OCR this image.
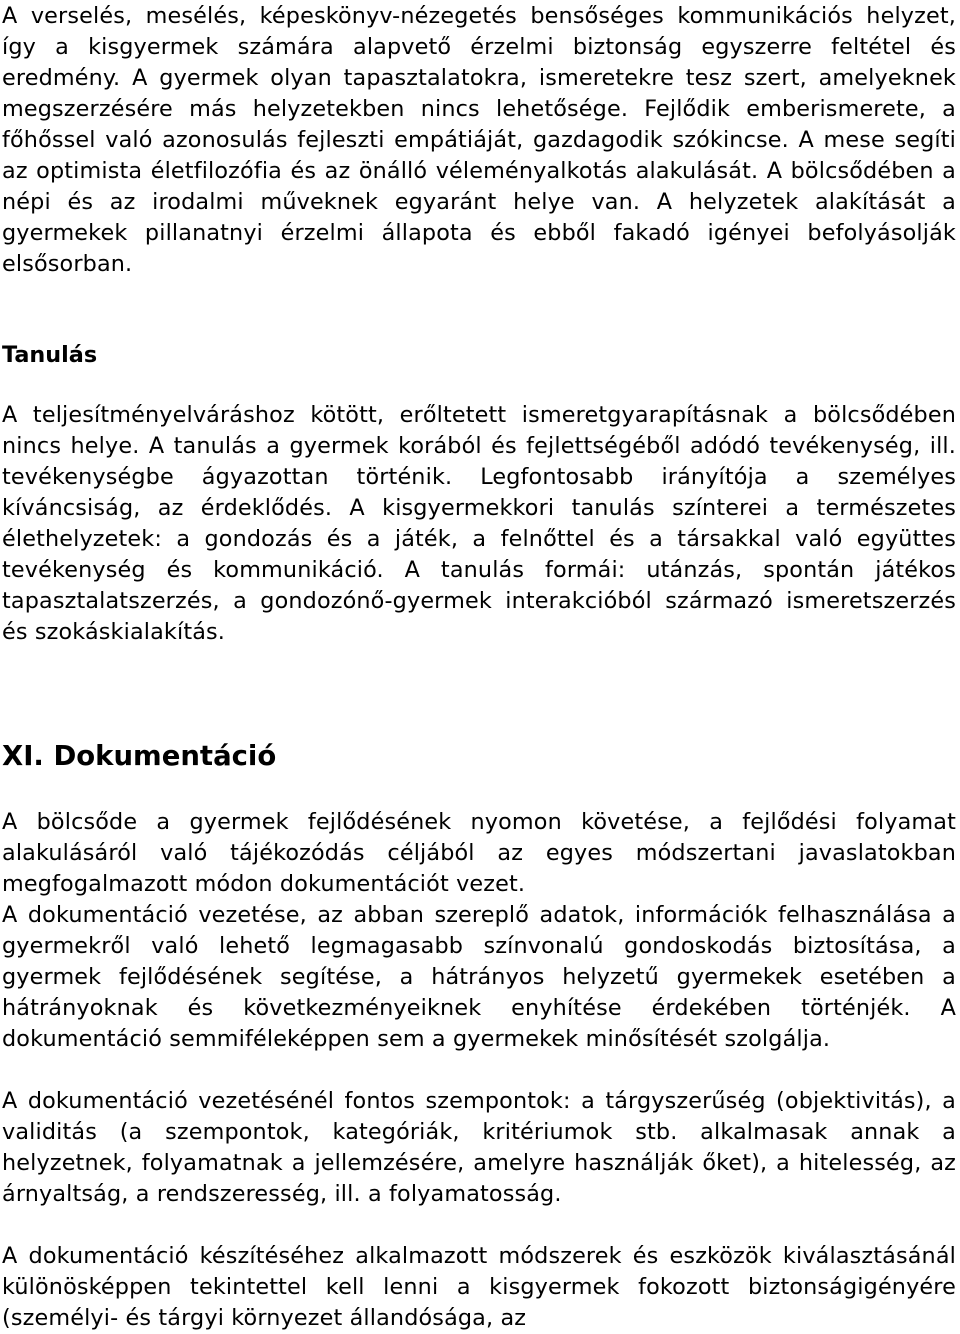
A verselés, mesélés, képeskönyv-nézegetés bensőséges kommunikációs helyzet, így a kisgyermek számára alapvető érzelmi biztonság egyszerre feltétel és eredmény. A gyermek olyan tapasztalatokra, ismeretekre tesz szert, amelyeknek megszerzésére más helyzetekben nincs lehetősége. Fejlődik emberismerete, a főhőssel való azonosulás fejleszti empátiáját, gazdagodik szókincse. A mese segíti az optimista életfilozófia és az önálló véleményalkotás alakulását. A bölcsődében a népi és az irodalmi műveknek egyaránt helye van. A helyzetek alakítását a gyermekek pillanatnyi érzelmi állapota és ebből fakadó igényei befolyásolják elsősorban.

Tanulás

A teljesítményelváráshoz kötött, erőltetett ismeretgyarapításnak a bölcsődében nincs helye. A tanulás a gyermek korából és fejlettségéből adódó tevékenység, ill. tevékenységbe ágyazottan történik. Legfontosabb irányítója a személyes kíváncsiság, az érdeklődés. A kisgyermekkori tanulás színterei a természetes élethelyzetek: a gondozás és a játék, a felnőttel és a társakkal való együttes tevékenység és kommunikáció. A tanulás formái: utánzás, spontán játékos tapasztalatszerzés, a gondozónő-gyermek interakcióból származó ismeretszerzés és szokáskialakítás.

XI. Dokumentáció

A bölcsőde a gyermek fejlődésének nyomon követése, a fejlődési folyamat alakulásáról való tájékozódás céljából az egyes módszertani javaslatokban megfogalmazott módon dokumentációt vezet.

A dokumentáció vezetése, az abban szereplő adatok, információk felhasználása a gyermekről való lehető legmagasabb színvonalú gondoskodás biztosítása, a gyermek fejlődésének segítése, a hátrányos helyzetű gyermekek esetében a hátrányoknak és következményeiknek enyhítése érdekében történjék. A dokumentáció semmiféleképpen sem a gyermekek minősítését szolgálja.

A dokumentáció vezetésénél fontos szempontok: a tárgyszerűség (objektivitás), a validitás (a szempontok, kategóriák, kritériumok stb. alkalmasak annak a helyzetnek, folyamatnak a jellemzésére, amelyre használják őket), a hitelesség, az árnyaltság, a rendszeresség, ill. a folyamatosság.

A dokumentáció készítéséhez alkalmazott módszerek és eszközök kiválasztásánál különösképpen tekintettel kell lenni a kisgyermek fokozott biztonságigényére (személyi- és tárgyi környezet állandósága, az
